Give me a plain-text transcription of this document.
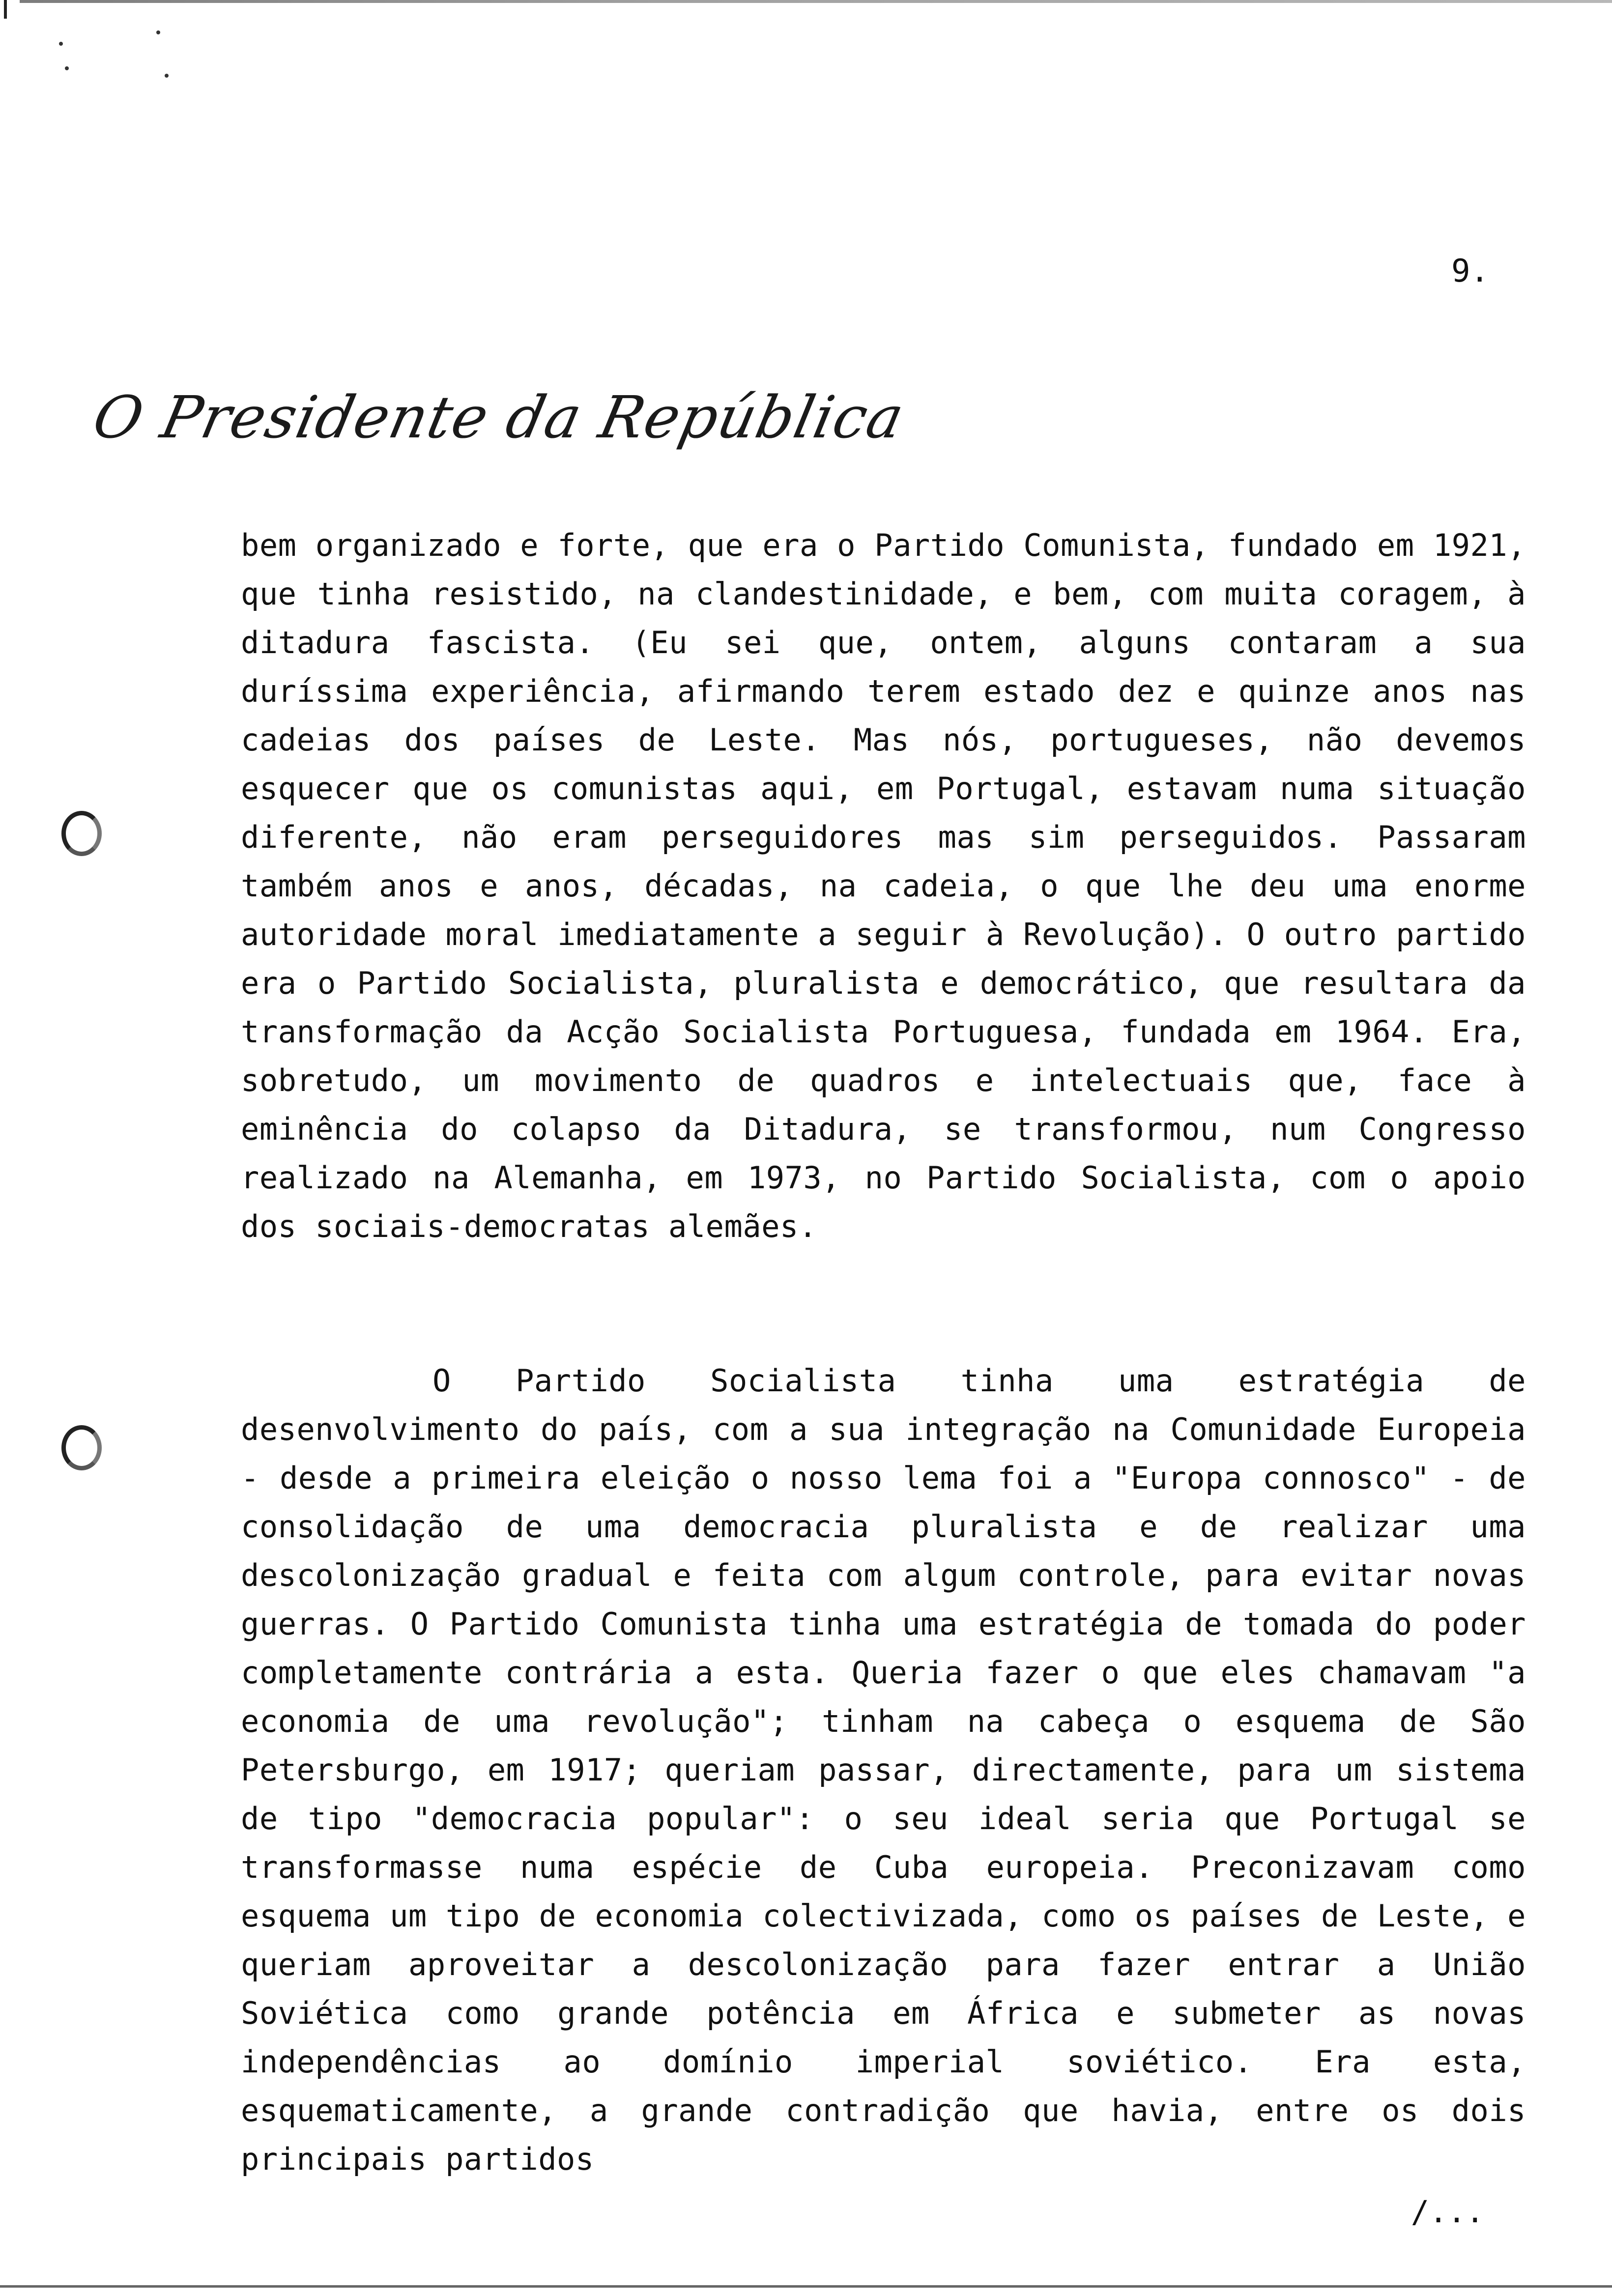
9.
O Presidente da República

bem organizado e forte, que era o Partido Comunista, fundado em 1921, que tinha resistido, na clandestinidade, e bem, com muita coragem, à ditadura fascista. (Eu sei que, ontem, alguns contaram a sua duríssima experiência, afirmando terem estado dez e quinze anos nas cadeias dos países de Leste. Mas nós, portugueses, não devemos esquecer que os comunistas aqui, em Portugal, estavam numa situação diferente, não eram perseguidores mas sim perseguidos. Passaram também anos e anos, décadas, na cadeia, o que lhe deu uma enorme autoridade moral imediatamente a seguir à Revolução). O outro partido era o Partido Socialista, pluralista e democrático, que resultara da transformação da Acção Socialista Portuguesa, fundada em 1964. Era, sobretudo, um movimento de quadros e intelectuais que, face à eminência do colapso da Ditadura, se transformou, num Congresso realizado na Alemanha, em 1973, no Partido Socialista, com o apoio dos sociais-democratas alemães.

O Partido Socialista tinha uma estratégia de desenvolvimento do país, com a sua integração na Comunidade Europeia - desde a primeira eleição o nosso lema foi a "Europa connosco" - de consolidação de uma democracia pluralista e de realizar uma descolonização gradual e feita com algum controle, para evitar novas guerras. O Partido Comunista tinha uma estratégia de tomada do poder completamente contrária a esta. Queria fazer o que eles chamavam "a economia de uma revolução"; tinham na cabeça o esquema de São Petersburgo, em 1917; queriam passar, directamente, para um sistema de tipo "democracia popular": o seu ideal seria que Portugal se transformasse numa espécie de Cuba europeia. Preconizavam como esquema um tipo de economia colectivizada, como os países de Leste, e queriam aproveitar a descolonização para fazer entrar a União Soviética como grande potência em África e submeter as novas independências ao domínio imperial soviético. Era esta, esquematicamente, a grande contradição que havia, entre os dois principais partidos

/...
